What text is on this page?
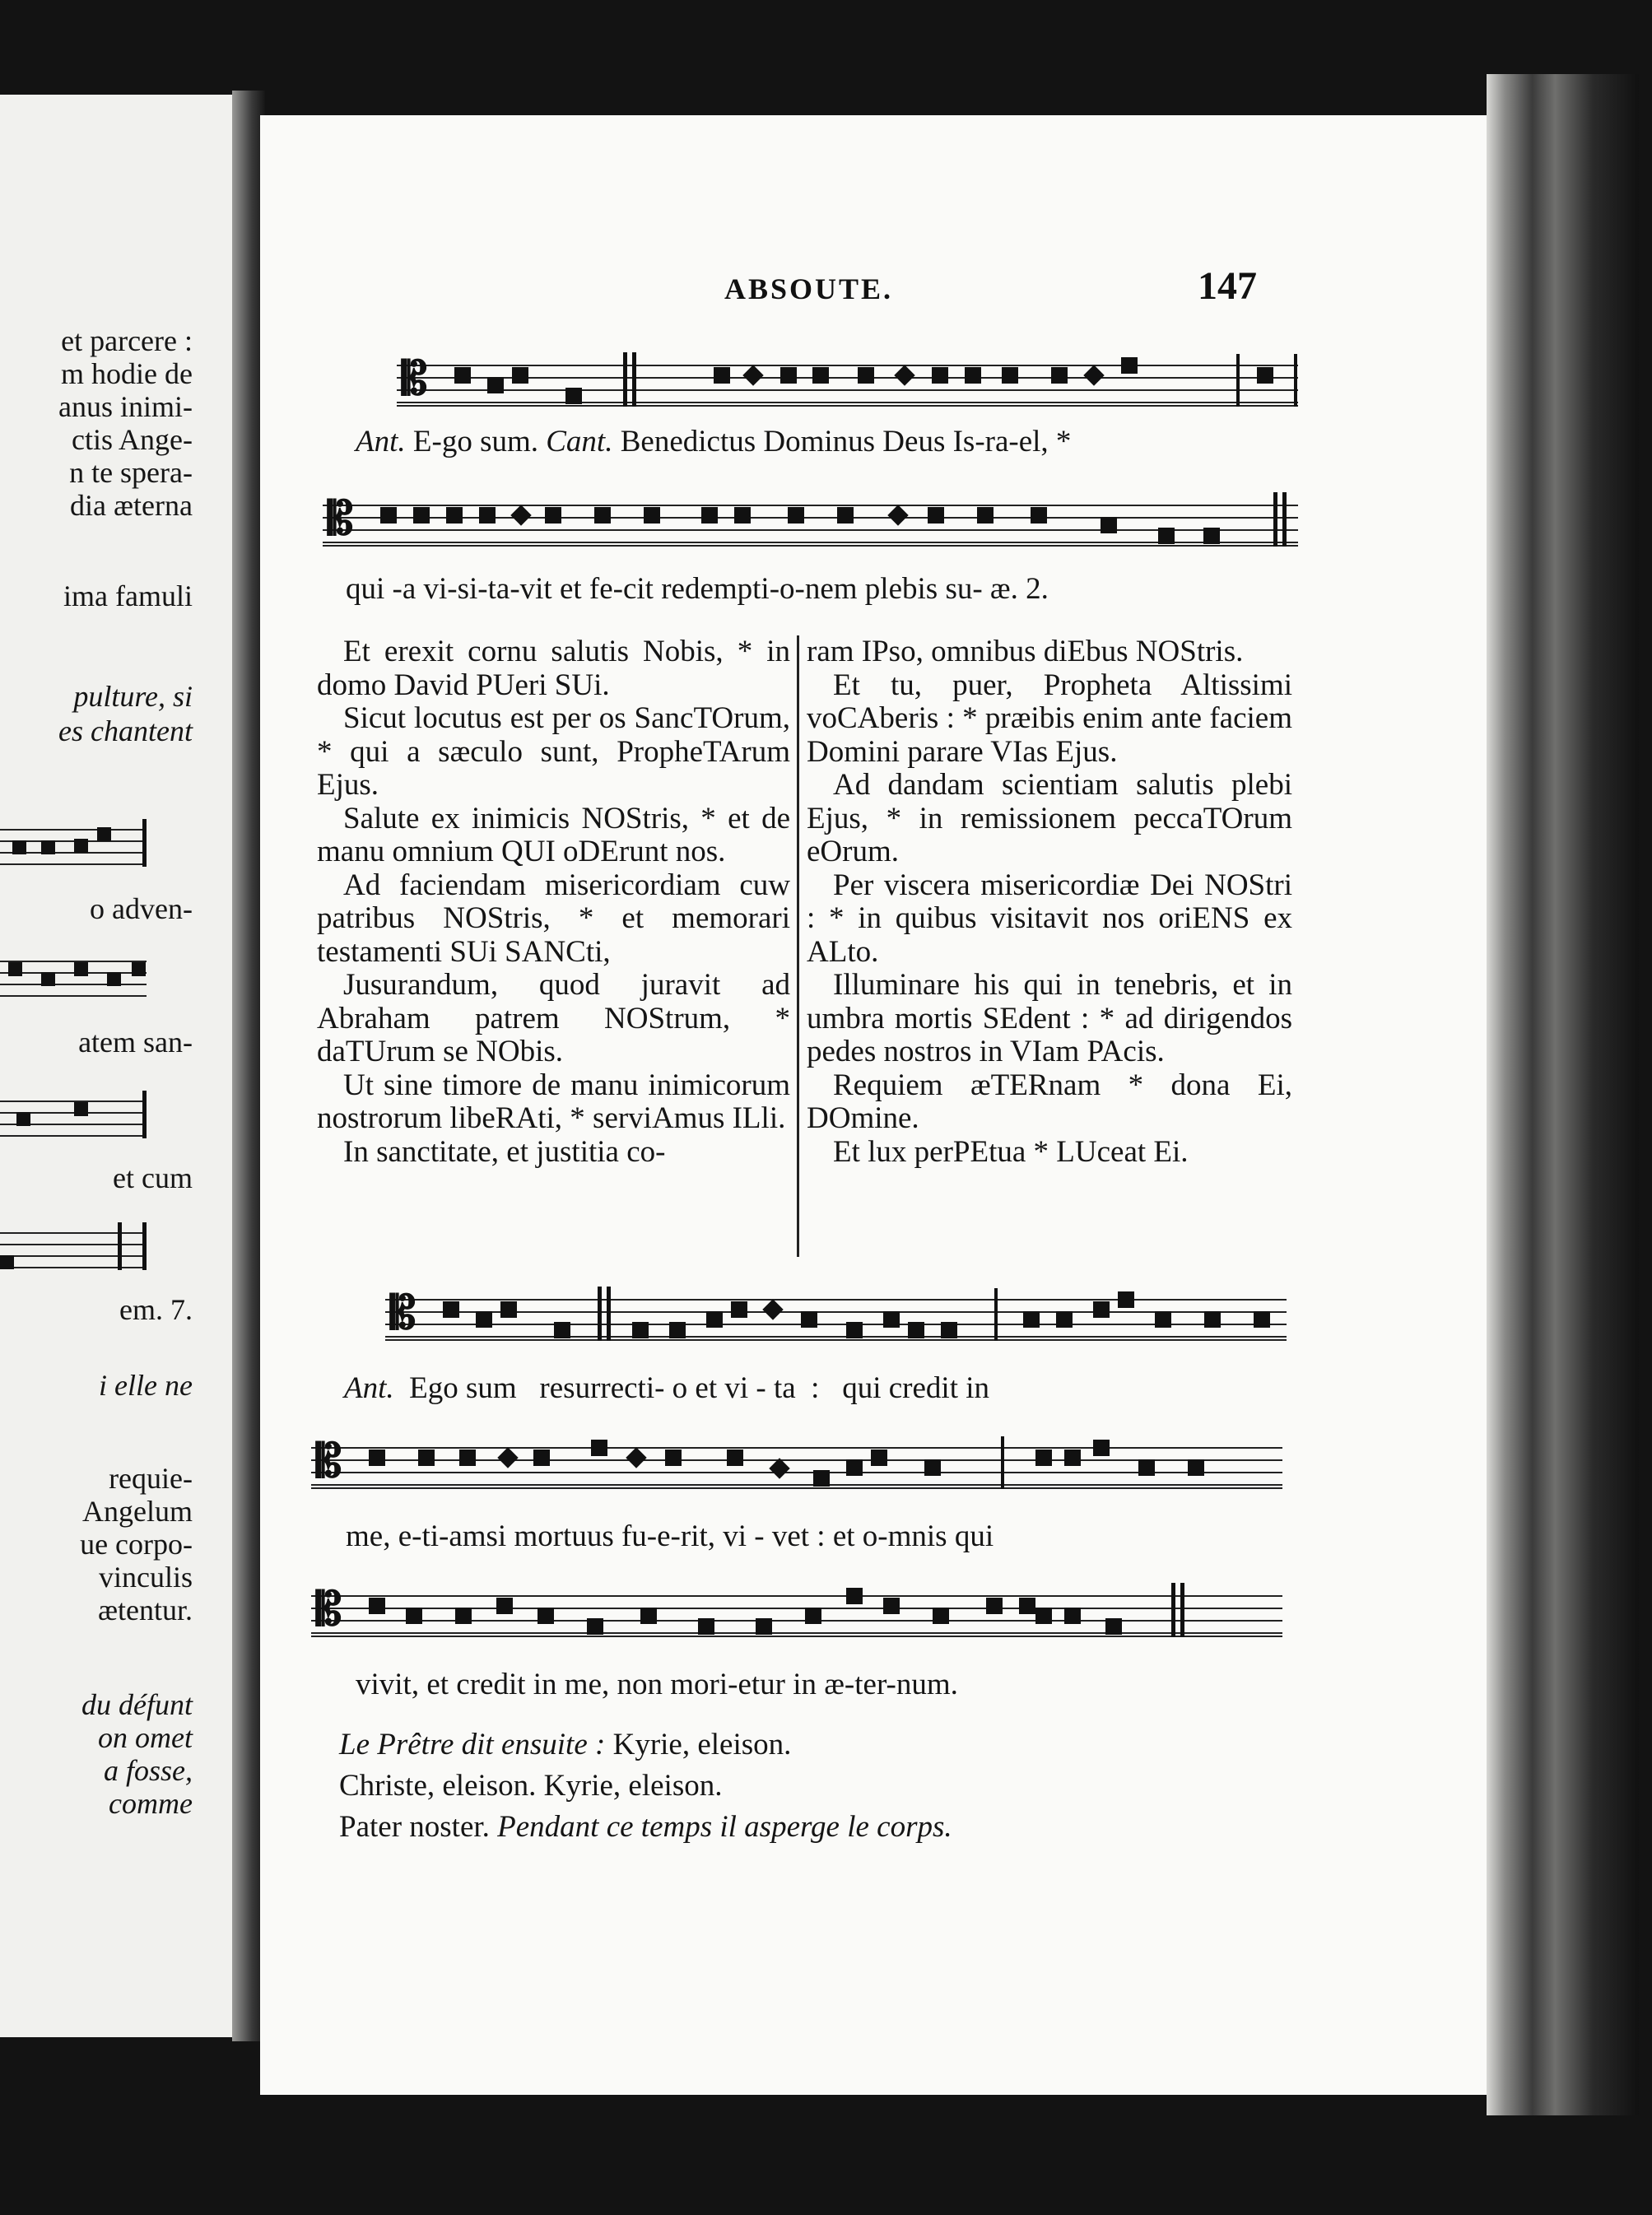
et parcere :
m hodie de
anus inimi-
ctis Ange-
n te spera-
dia æterna
ima famuli
pulture, si
es chantent
o adven-
atem san-
et cum
em. 7.
i elle ne
requie-
Angelum
ue corpo-
vinculis
ætentur.
du défunt
on omet
a fosse,
comme
ABSOUTE.	147
𝄡
Ant. E-go sum. Cant. Benedictus Dominus Deus Is-ra-el, *
𝄡
qui -a vi-si-ta-vit et fe-cit redempti-o-nem plebis su- æ. 2.

Et erexit cornu salutis Nobis, * in domo David PUeri SUi.

Sicut locutus est per os SancTOrum, * qui a sæculo sunt, ProphеTArum Ejus.

Salute ex inimicis NOStris, * et de manu omnium QUI oDErunt nos.

Ad faciendam misericordiam cuw patribus NOStris, * et memorari testamenti SUi SANCti,

Jusurandum, quod juravit ad Abraham patrem NOStrum, * daTUrum se NObis.

Ut sine timore de manu inimicorum nostrorum libeRAti, * serviAmus ILli.

In sanctitate, et justitia co-

ram IPso, omnibus diEbus NOStris.

Et tu, puer, Propheta Altissimi voCAberis : * præibis enim ante faciem Domini parare VIas Ejus.

Ad dandam scientiam salutis plebi Ejus, * in remissionem peccaTOrum eOrum.

Per viscera misericordiæ Dei NOStri : * in quibus visitavit nos oriENS ex ALto.

Illuminare his qui in tenebris, et in umbra mortis SEdent : * ad dirigendos pedes nostros in VIam PAcis.

Requiem æTERnam * dona Ei, DOmine.

Et lux perPEtua * LUceat Ei.

𝄡
Ant. Ego sum   resurrecti- o et vi - ta  :   qui credit in
𝄡
me, e-ti-amsi mortuus fu-e-rit, vi - vet : et o-mnis qui
𝄡
vivit, et credit in me, non mori-etur in æ-ter-num.
Le Prêtre dit ensuite : Kyrie, eleison.
Christe, eleison. Kyrie, eleison.
Pater noster. Pendant ce temps il asperge le corps.
